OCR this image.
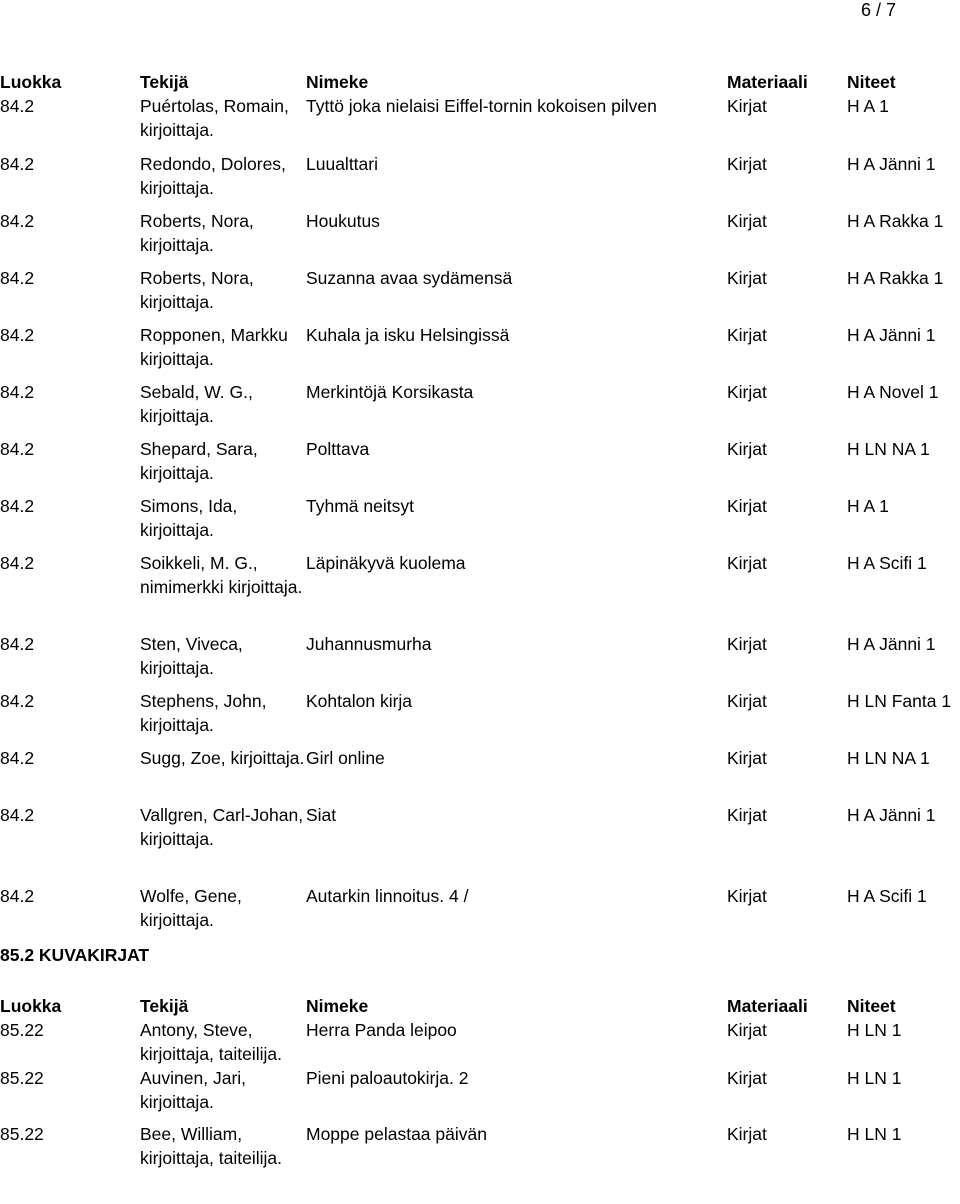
6 / 7
Luokka	Tekijä	Nimeke	Materiaali	Niteet
84.2	Puértolas, Romain, kirjoittaja.	Tyttö joka nielaisi Eiffel-tornin kokoisen pilven	Kirjat	H A 1
84.2	Redondo, Dolores, kirjoittaja.	Luualttari	Kirjat	H A Jänni 1
84.2	Roberts, Nora, kirjoittaja.	Houkutus	Kirjat	H A Rakka 1
84.2	Roberts, Nora, kirjoittaja.	Suzanna avaa sydämensä	Kirjat	H A Rakka 1
84.2	Ropponen, Markku kirjoittaja.	Kuhala ja isku Helsingissä	Kirjat	H A Jänni 1
84.2	Sebald, W. G., kirjoittaja.	Merkintöjä Korsikasta	Kirjat	H A Novel 1
84.2	Shepard, Sara, kirjoittaja.	Polttava	Kirjat	H LN NA 1
84.2	Simons, Ida, kirjoittaja.	Tyhmä neitsyt	Kirjat	H A 1
84.2	Soikkeli, M. G., nimimerkki kirjoittaja.	Läpinäkyvä kuolema	Kirjat	H A Scifi 1
84.2	Sten, Viveca, kirjoittaja.	Juhannusmurha	Kirjat	H A Jänni 1
84.2	Stephens, John, kirjoittaja.	Kohtalon kirja	Kirjat	H LN Fanta 1
84.2	Sugg, Zoe, kirjoittaja.	Girl online	Kirjat	H LN NA 1
84.2	Vallgren, Carl-Johan, kirjoittaja.	Siat	Kirjat	H A Jänni 1
84.2	Wolfe, Gene, kirjoittaja.	Autarkin linnoitus. 4 /	Kirjat	H A Scifi 1
85.2 KUVAKIRJAT
Luokka	Tekijä	Nimeke	Materiaali	Niteet
85.22	Antony, Steve, kirjoittaja, taiteilija.	Herra Panda leipoo	Kirjat	H LN 1
85.22	Auvinen, Jari, kirjoittaja.	Pieni paloautokirja. 2	Kirjat	H LN 1
85.22	Bee, William, kirjoittaja, taiteilija.	Moppe pelastaa päivän	Kirjat	H LN 1
